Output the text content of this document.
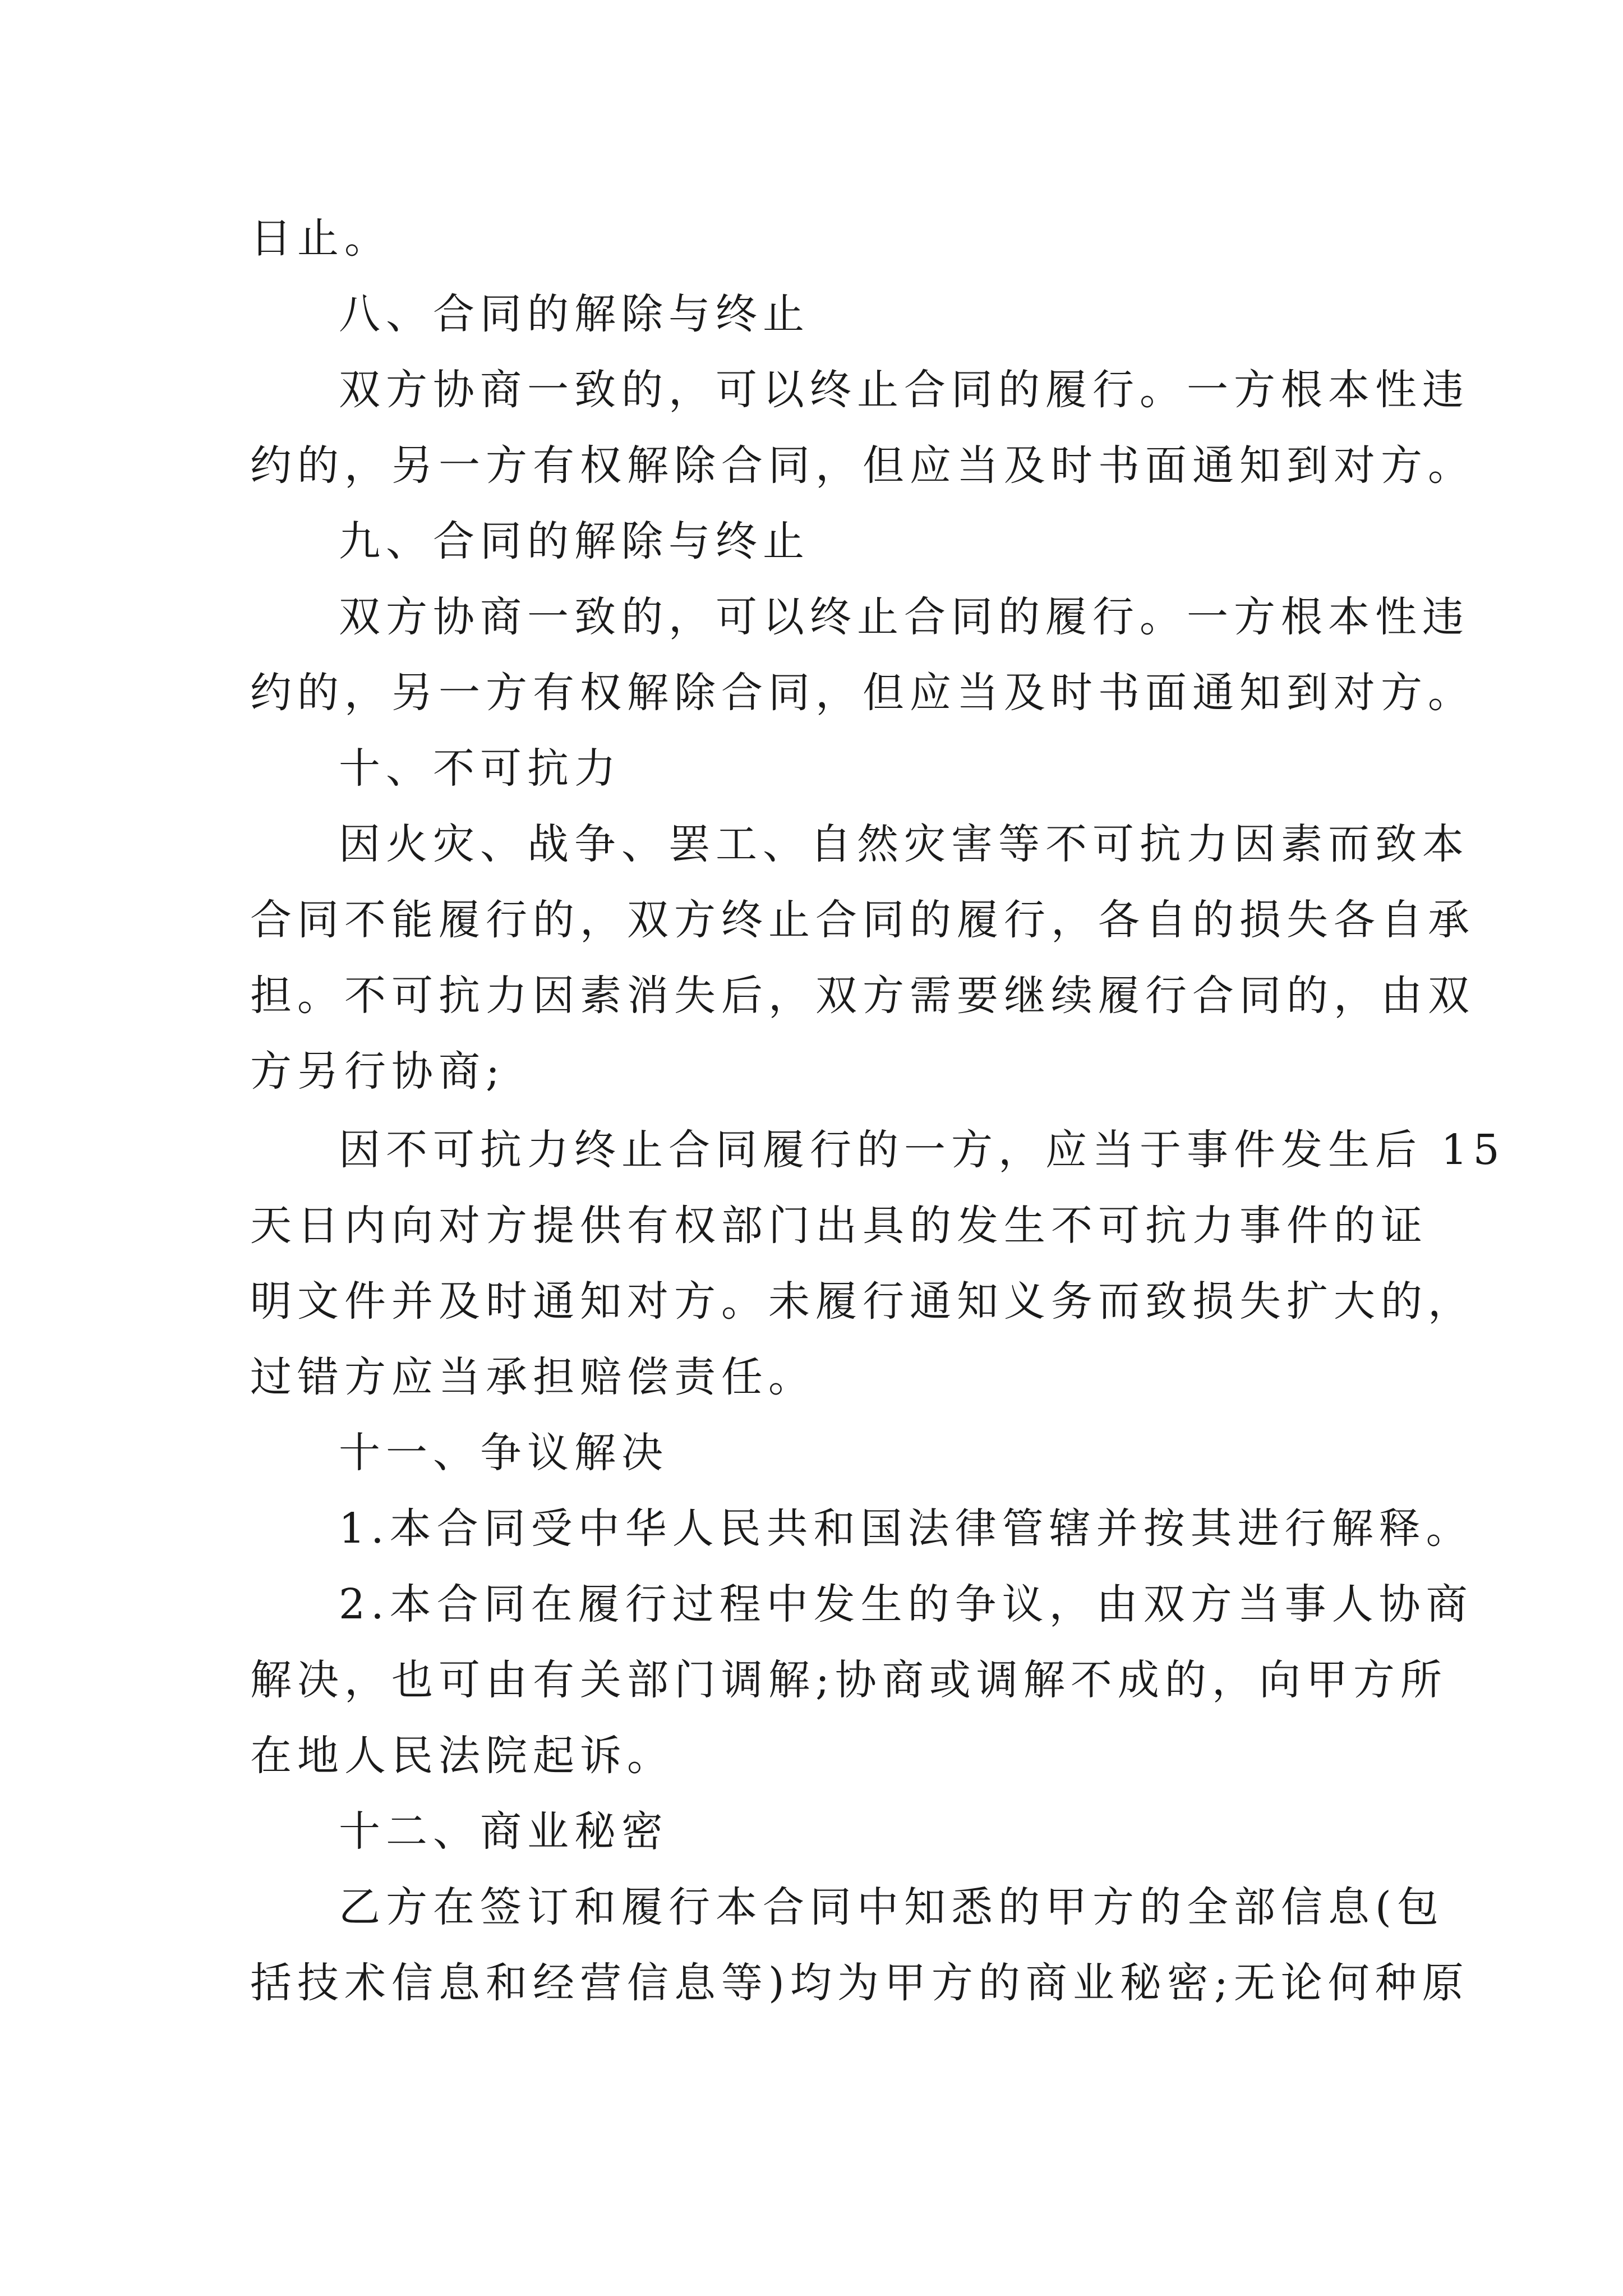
日止。
八、合同的解除与终止
双方协商一致的，可以终止合同的履行。一方根本性违
约的，另一方有权解除合同，但应当及时书面通知到对方。
九、合同的解除与终止
双方协商一致的，可以终止合同的履行。一方根本性违
约的，另一方有权解除合同，但应当及时书面通知到对方。
十、不可抗力
因火灾、战争、罢工、自然灾害等不可抗力因素而致本
合同不能履行的，双方终止合同的履行，各自的损失各自承
担。不可抗力因素消失后，双方需要继续履行合同的，由双
方另行协商;
因不可抗力终止合同履行的一方，应当于事件发生后 15
天日内向对方提供有权部门出具的发生不可抗力事件的证
明文件并及时通知对方。未履行通知义务而致损失扩大的，
过错方应当承担赔偿责任。
十一、争议解决
1.本合同受中华人民共和国法律管辖并按其进行解释。
2.本合同在履行过程中发生的争议，由双方当事人协商
解决，也可由有关部门调解;协商或调解不成的，向甲方所
在地人民法院起诉。
十二、商业秘密
乙方在签订和履行本合同中知悉的甲方的全部信息(包
括技术信息和经营信息等)均为甲方的商业秘密;无论何种原
